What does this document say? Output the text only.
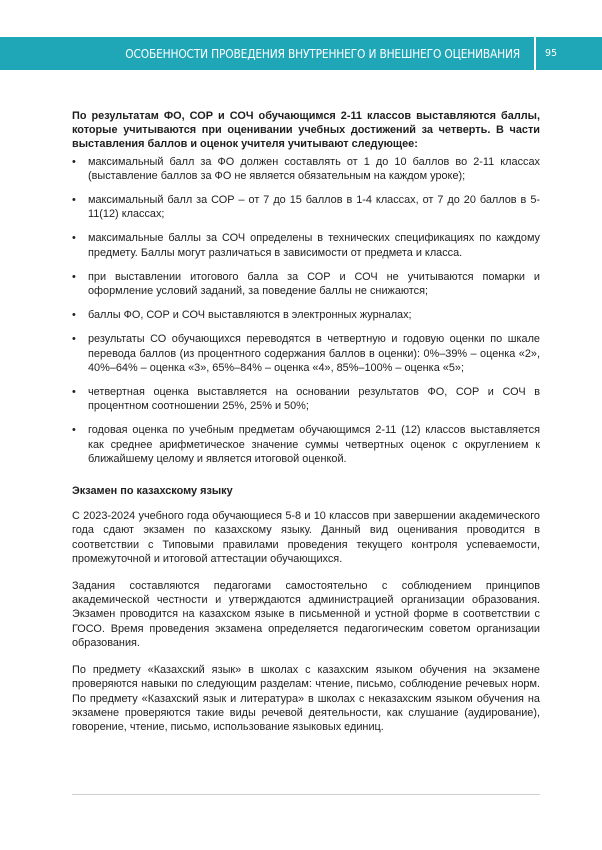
ОСОБЕННОСТИ ПРОВЕДЕНИЯ ВНУТРЕННЕГО И ВНЕШНЕГО ОЦЕНИВАНИЯ	95

По результатам ФО, СОР и СОЧ обучающимся 2-11 классов выставляются баллы, которые учитываются при оценивании учебных достижений за четверть. В части выставления баллов и оценок учителя учитывают следующее:

• максимальный балл за ФО должен составлять от 1 до 10 баллов во 2-11 классах (выставление баллов за ФО не является обязательным на каждом уроке);
• максимальный балл за СОР – от 7 до 15 баллов в 1-4 классах, от 7 до 20 баллов в 5-11(12) классах;
• максимальные баллы за СОЧ определены в технических спецификациях по каждому предмету. Баллы могут различаться в зависимости от предмета и класса.
• при выставлении итогового балла за СОР и СОЧ не учитываются помарки и оформление условий заданий, за поведение баллы не снижаются;
• баллы ФО, СОР и СОЧ выставляются в электронных журналах;
• результаты СО обучающихся переводятся в четвертную и годовую оценки по шкале перевода баллов (из процентного содержания баллов в оценки): 0%–39% – оценка «2», 40%–64% – оценка «3», 65%–84% – оценка «4», 85%–100% – оценка «5»;
• четвертная оценка выставляется на основании результатов ФО, СОР и СОЧ в процентном соотношении 25%, 25% и 50%;
• годовая оценка по учебным предметам обучающимся 2-11 (12) классов выставляется как среднее арифметическое значение суммы четвертных оценок с округлением к ближайшему целому и является итоговой оценкой.

Экзамен по казахскому языку

С 2023-2024 учебного года обучающиеся 5-8 и 10 классов при завершении академического года сдают экзамен по казахскому языку. Данный вид оценивания проводится в соответствии с Типовыми правилами проведения текущего контроля успеваемости, промежуточной и итоговой аттестации обучающихся.

Задания составляются педагогами самостоятельно с соблюдением принципов академической честности и утверждаются администрацией организации образования. Экзамен проводится на казахском языке в письменной и устной форме в соответствии с ГОСО. Время проведения экзамена определяется педагогическим советом организации образования.

По предмету «Казахский язык» в школах с казахским языком обучения на экзамене проверяются навыки по следующим разделам: чтение, письмо, соблюдение речевых норм. По предмету «Казахский язык и литература» в школах с неказахским языком обучения на экзамене проверяются такие виды речевой деятельности, как слушание (аудирование), говорение, чтение, письмо, использование языковых единиц.
